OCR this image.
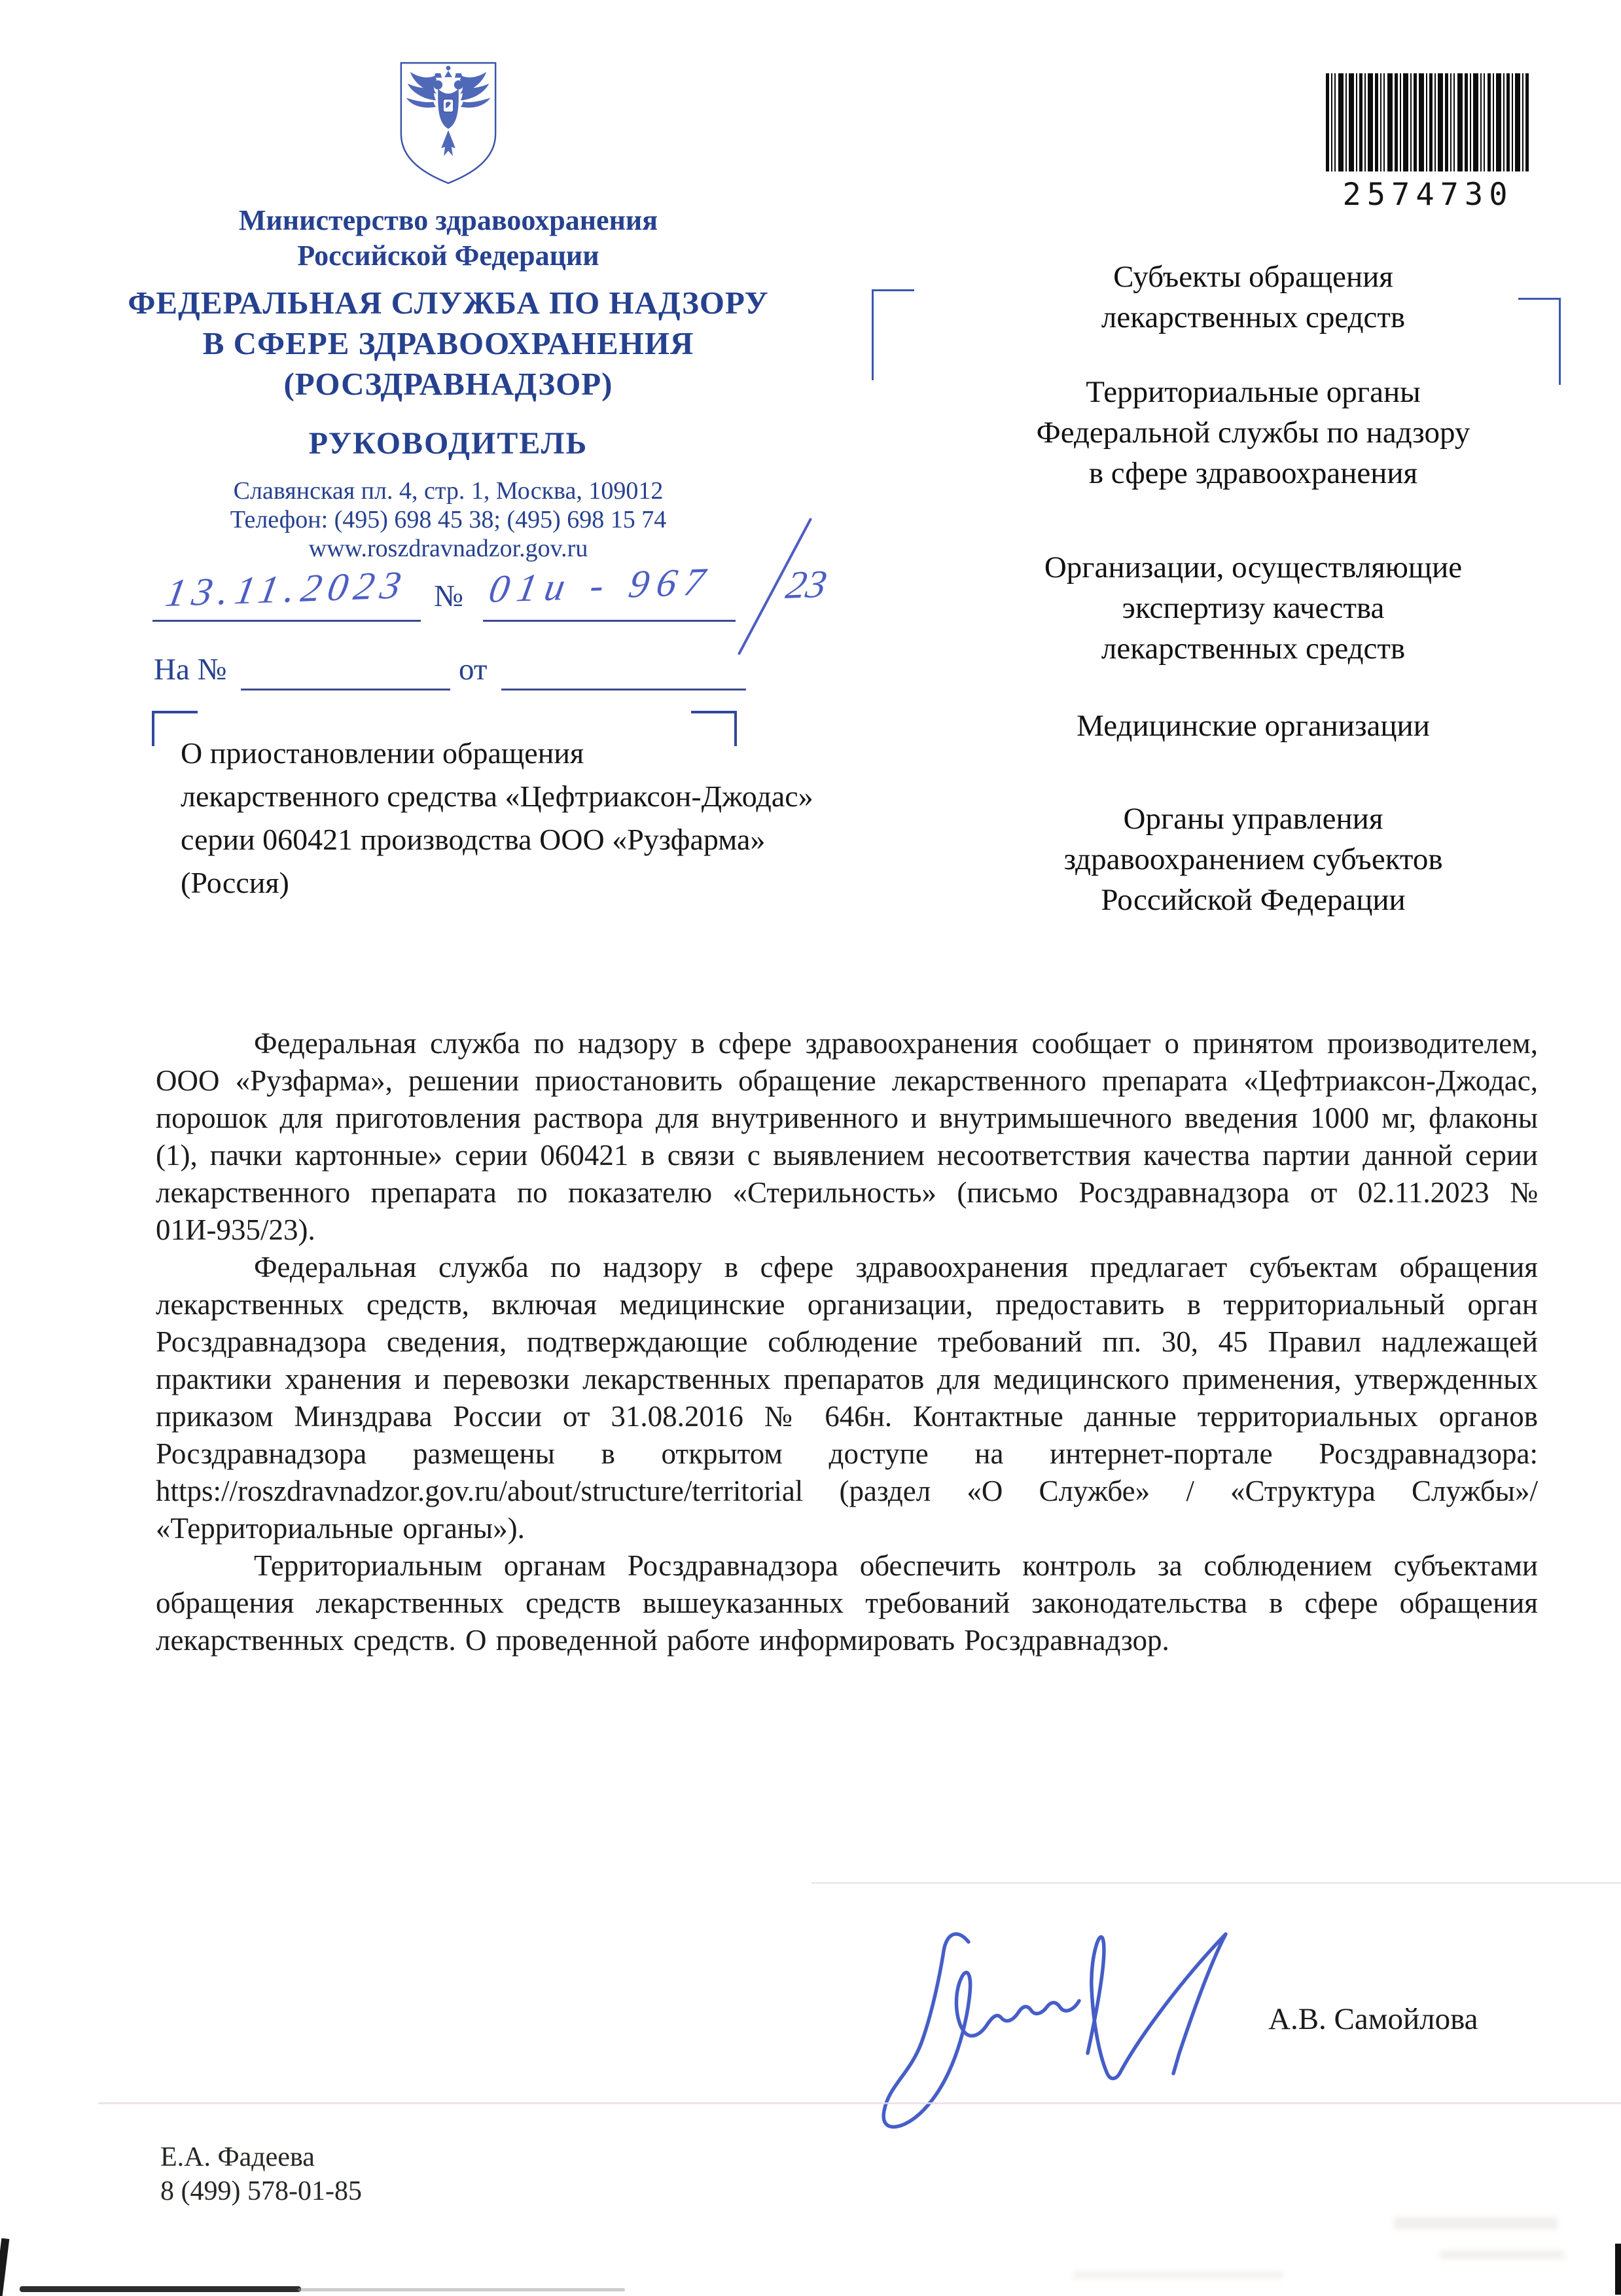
Министерство здравоохранения
Российской Федерации
ФЕДЕРАЛЬНАЯ СЛУЖБА ПО НАДЗОРУ
В СФЕРЕ ЗДРАВООХРАНЕНИЯ
(РОСЗДРАВНАДЗОР)
РУКОВОДИТЕЛЬ
Славянская пл. 4, стр. 1, Москва, 109012
Телефон: (495) 698 45 38; (495) 698 15 74
www.roszdravnadzor.gov.ru
13.11.2023 № 01и - 967 23
На №	от
О приостановлении обращения
лекарственного средства «Цефтриаксон-Джодас»
серии 060421 производства ООО «Рузфарма»
(Россия)
2574730
Субъекты обращения
лекарственных средств
Территориальные органы
Федеральной службы по надзору
в сфере здравоохранения
Организации, осуществляющие
экспертизу качества
лекарственных средств
Медицинские организации
Органы управления
здравоохранением субъектов
Российской Федерации

Федеральная служба по надзору в сфере здравоохранения сообщает о принятом производителем, ООО «Рузфарма», решении приостановить обращение лекарственного препарата «Цефтриаксон-Джодас, порошок для приготовления раствора для внутривенного и внутримышечного введения 1000 мг, флаконы (1), пачки картонные» серии 060421 в связи с выявлением несоответствия качества партии данной серии лекарственного препарата по показателю «Стерильность» (письмо Росздравнадзора от 02.11.2023 № 01И-935/23).

Федеральная служба по надзору в сфере здравоохранения предлагает субъектам обращения лекарственных средств, включая медицинские организации, предоставить в территориальный орган Росздравнадзора сведения, подтверждающие соблюдение требований пп. 30, 45 Правил надлежащей практики хранения и перевозки лекарственных препаратов для медицинского применения, утвержденных приказом Минздрава России от 31.08.2016 № 646н. Контактные данные территориальных органов Росздравнадзора размещены в открытом доступе на интернет-портале Росздравнадзора: https://roszdravnadzor.gov.ru/about/structure/territorial (раздел «О Службе» / «Структура Службы»/ «Территориальные органы»).

Территориальным органам Росздравнадзора обеспечить контроль за соблюдением субъектами обращения лекарственных средств вышеуказанных требований законодательства в сфере обращения лекарственных средств. О проведенной работе информировать Росздравнадзор.

А.В. Самойлова
Е.А. Фадеева
8 (499) 578-01-85
